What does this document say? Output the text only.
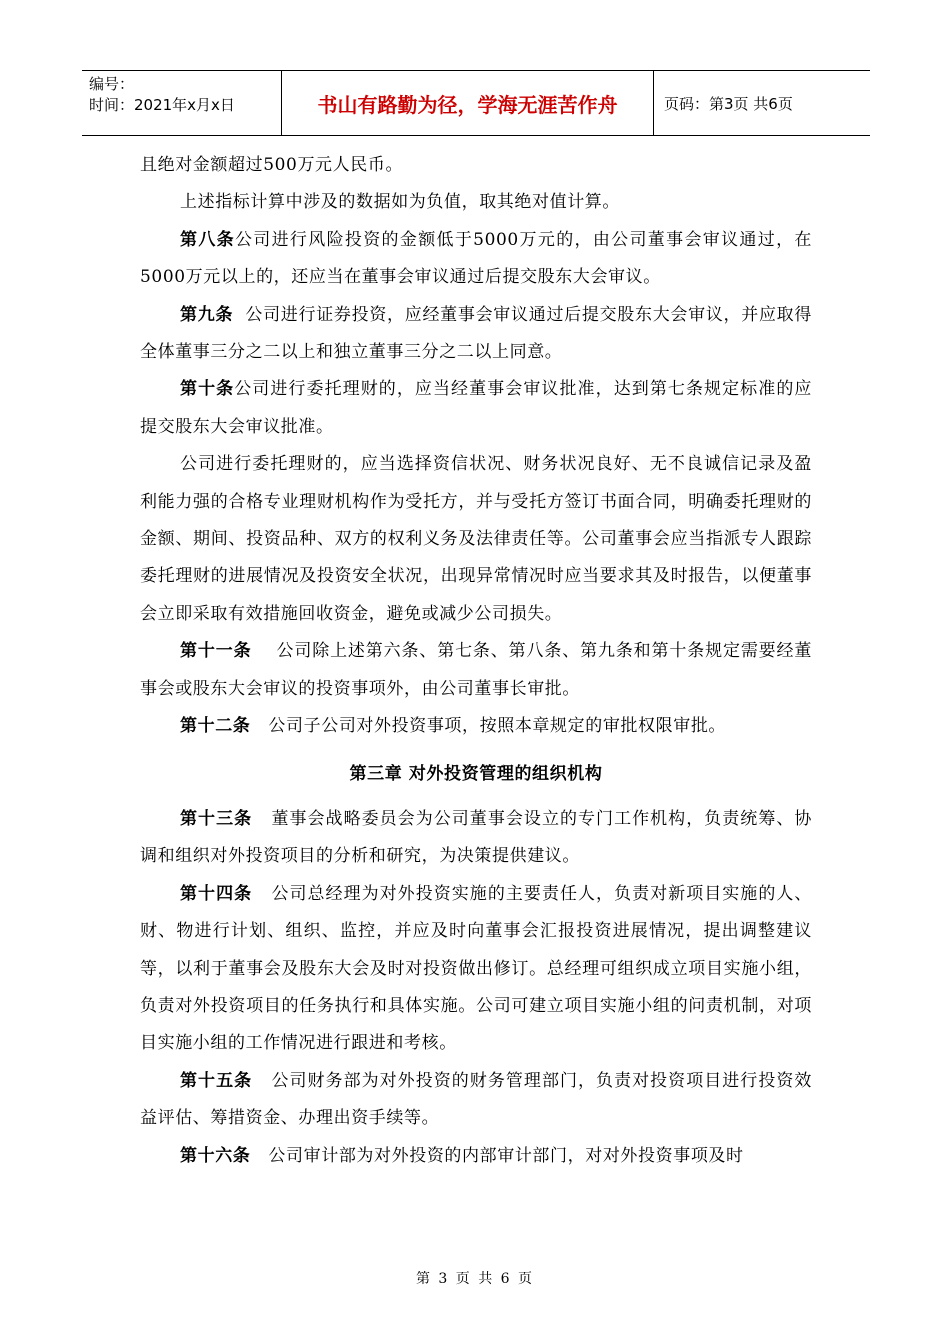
编号：
时间：2021年x月x日	书山有路勤为径，学海无涯苦作舟	页码：第3页 共6页

且绝对金额超过500万元人民币。

上述指标计算中涉及的数据如为负值，取其绝对值计算。

第八条公司进行风险投资的金额低于5000万元的，由公司董事会审议通过，在5000万元以上的，还应当在董事会审议通过后提交股东大会审议。

第九条  公司进行证券投资，应经董事会审议通过后提交股东大会审议，并应取得全体董事三分之二以上和独立董事三分之二以上同意。

第十条公司进行委托理财的，应当经董事会审议批准，达到第七条规定标准的应提交股东大会审议批准。

公司进行委托理财的，应当选择资信状况、财务状况良好、无不良诚信记录及盈利能力强的合格专业理财机构作为受托方，并与受托方签订书面合同，明确委托理财的金额、期间、投资品种、双方的权利义务及法律责任等。公司董事会应当指派专人跟踪委托理财的进展情况及投资安全状况，出现异常情况时应当要求其及时报告，以便董事会立即采取有效措施回收资金，避免或减少公司损失。

第十一条    公司除上述第六条、第七条、第八条、第九条和第十条规定需要经董事会或股东大会审议的投资事项外，由公司董事长审批。

第十二条   公司子公司对外投资事项，按照本章规定的审批权限审批。

第三章 对外投资管理的组织机构

第十三条   董事会战略委员会为公司董事会设立的专门工作机构，负责统筹、协调和组织对外投资项目的分析和研究，为决策提供建议。

第十四条   公司总经理为对外投资实施的主要责任人，负责对新项目实施的人、财、物进行计划、组织、监控，并应及时向董事会汇报投资进展情况，提出调整建议等，以利于董事会及股东大会及时对投资做出修订。总经理可组织成立项目实施小组，负责对外投资项目的任务执行和具体实施。公司可建立项目实施小组的问责机制，对项目实施小组的工作情况进行跟进和考核。

第十五条   公司财务部为对外投资的财务管理部门，负责对投资项目进行投资效益评估、筹措资金、办理出资手续等。

第十六条   公司审计部为对外投资的内部审计部门，对对外投资事项及时

第 3 页 共 6 页
